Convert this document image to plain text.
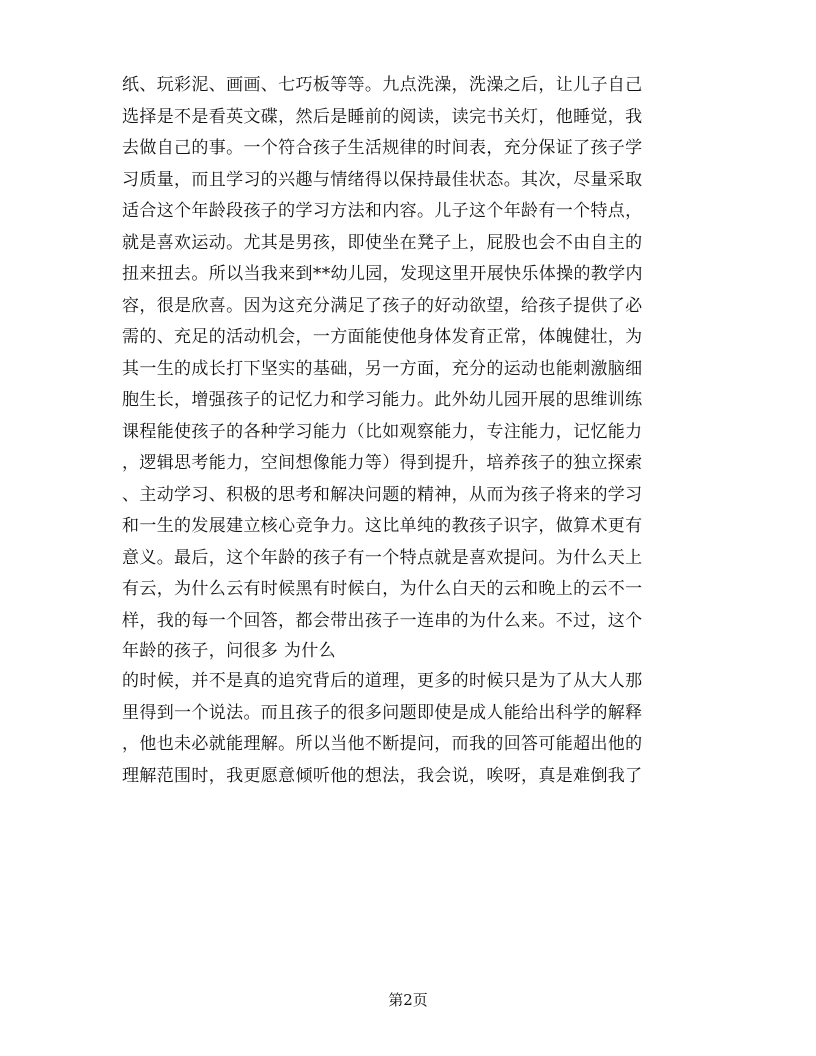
纸、玩彩泥、画画、七巧板等等。九点洗澡，洗澡之后，让儿子自己
选择是不是看英文碟，然后是睡前的阅读，读完书关灯，他睡觉，我
去做自己的事。一个符合孩子生活规律的时间表，充分保证了孩子学
习质量，而且学习的兴趣与情绪得以保持最佳状态。其次，尽量采取
适合这个年龄段孩子的学习方法和内容。儿子这个年龄有一个特点，
就是喜欢运动。尤其是男孩，即使坐在凳子上，屁股也会不由自主的
扭来扭去。所以当我来到**幼儿园，发现这里开展快乐体操的教学内
容，很是欣喜。因为这充分满足了孩子的好动欲望，给孩子提供了必
需的、充足的活动机会，一方面能使他身体发育正常，体魄健壮，为
其一生的成长打下坚实的基础，另一方面，充分的运动也能刺激脑细
胞生长，增强孩子的记忆力和学习能力。此外幼儿园开展的思维训练
课程能使孩子的各种学习能力（比如观察能力，专注能力，记忆能力
，逻辑思考能力，空间想像能力等）得到提升，培养孩子的独立探索
、主动学习、积极的思考和解决问题的精神，从而为孩子将来的学习
和一生的发展建立核心竞争力。这比单纯的教孩子识字，做算术更有
意义。最后，这个年龄的孩子有一个特点就是喜欢提问。为什么天上
有云，为什么云有时候黑有时候白，为什么白天的云和晚上的云不一
样，我的每一个回答，都会带出孩子一连串的为什么来。不过，这个
年龄的孩子，问很多 为什么
的时候，并不是真的追究背后的道理，更多的时候只是为了从大人那
里得到一个说法。而且孩子的很多问题即使是成人能给出科学的解释
，他也未必就能理解。所以当他不断提问，而我的回答可能超出他的
理解范围时，我更愿意倾听他的想法，我会说，唉呀，真是难倒我了
第2页
